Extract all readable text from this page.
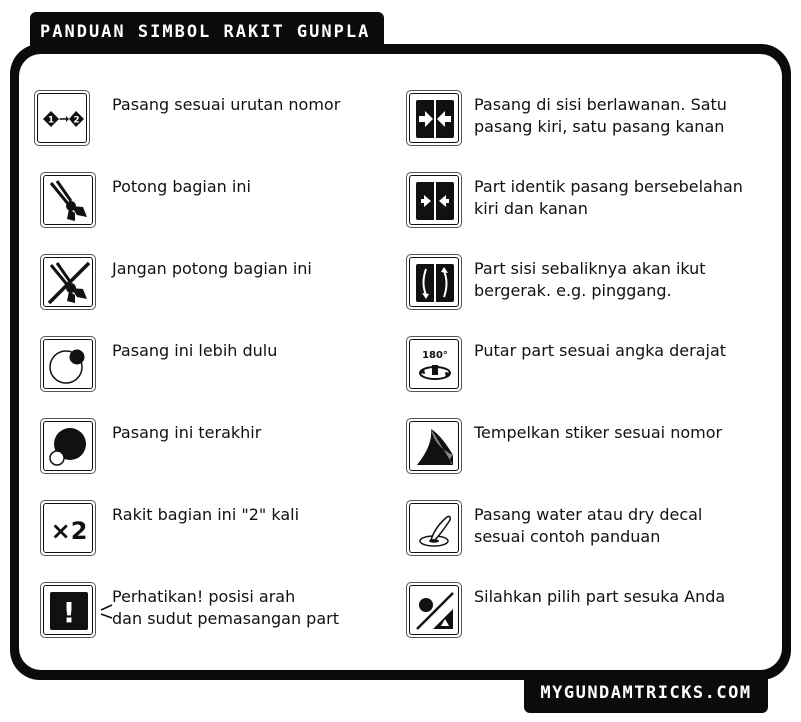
PANDUAN SIMBOL RAKIT GUNPLA
1 2
Pasang sesuai urutan nomor
Potong bagian ini
Jangan potong bagian ini
Pasang ini lebih dulu
Pasang ini terakhir
×2
Rakit bagian ini "2" kali
! Perhatikan! posisi arah
dan sudut pemasangan part
Pasang di sisi berlawanan. Satu
pasang kiri, satu pasang kanan
Part identik pasang bersebelahan
kiri dan kanan
Part sisi sebaliknya akan ikut
bergerak. e.g. pinggang.
180° Putar part sesuai angka derajat
Tempelkan stiker sesuai nomor
Pasang water atau dry decal
sesuai contoh panduan
Silahkan pilih part sesuka Anda
MYGUNDAMTRICKS.COM
